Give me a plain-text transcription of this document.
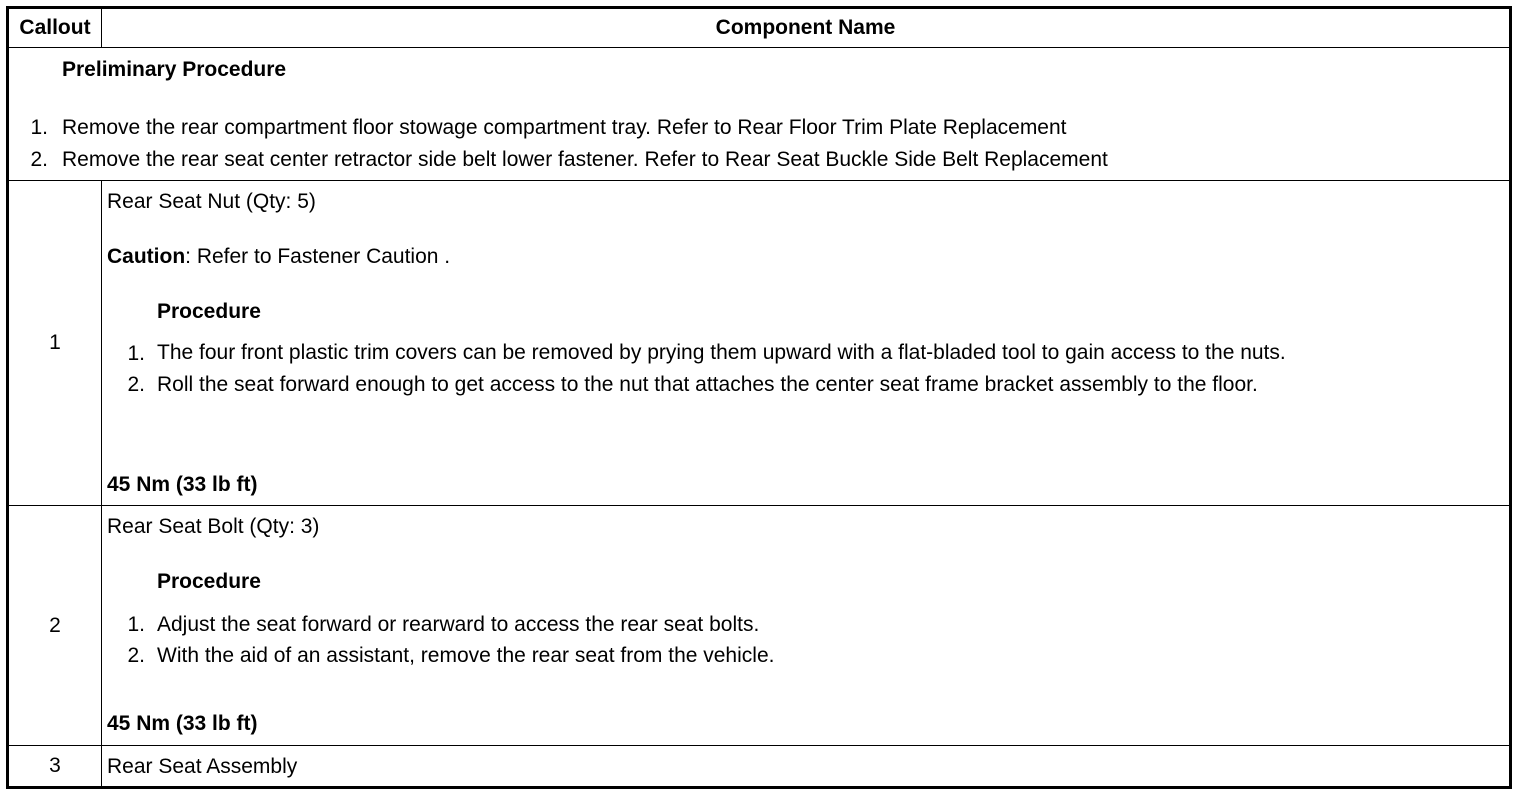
Callout	Component Name
Preliminary Procedure
1. Remove the rear compartment floor stowage compartment tray. Refer to Rear Floor Trim Plate Replacement
2. Remove the rear seat center retractor side belt lower fastener. Refer to Rear Seat Buckle Side Belt Replacement
1
Rear Seat Nut (Qty: 5)
Caution: Refer to Fastener Caution .
Procedure
1. The four front plastic trim covers can be removed by prying them upward with a flat-bladed tool to gain access to the nuts.
2. Roll the seat forward enough to get access to the nut that attaches the center seat frame bracket assembly to the floor.
45 Nm (33 lb ft)
2
Rear Seat Bolt (Qty: 3)
Procedure
1. Adjust the seat forward or rearward to access the rear seat bolts.
2. With the aid of an assistant, remove the rear seat from the vehicle.
45 Nm (33 lb ft)
3	Rear Seat Assembly
